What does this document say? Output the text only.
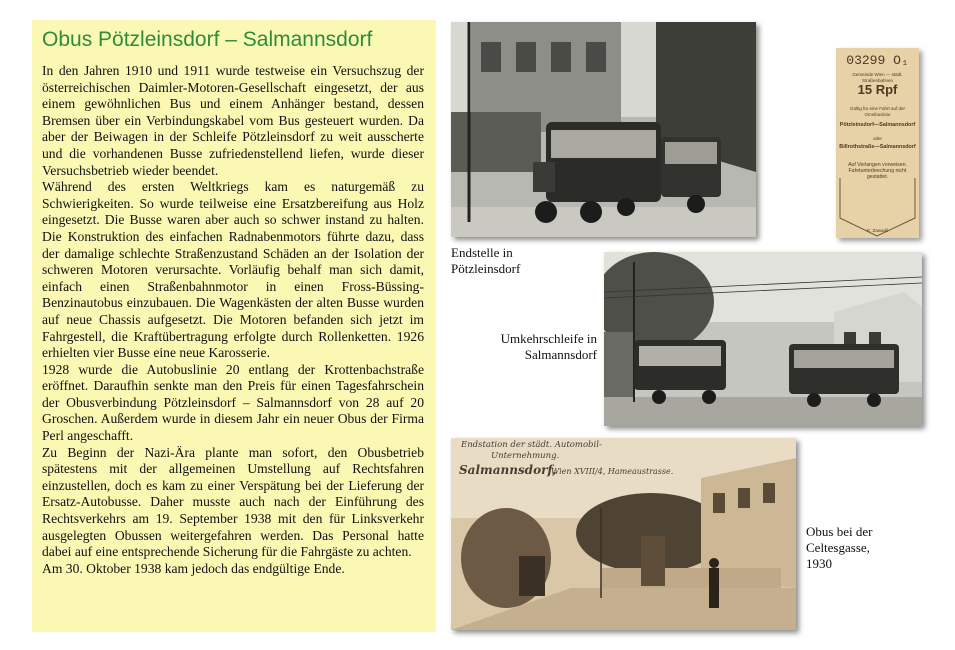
Obus Pötzleinsdorf – Salmannsdorf

In den Jahren 1910 und 1911 wurde testweise ein Versuchszug der österreichischen Daimler-Motoren-Gesellschaft eingesetzt, der aus einem gewöhnlichen Bus und einem Anhänger bestand, dessen Bremsen über ein Verbindungskabel vom Bus gesteuert wurden. Da aber der Beiwagen in der Schleife Pötzleinsdorf zu weit ausscherte und die vorhandenen Busse zufriedenstellend liefen, wurde dieser Versuchsbetrieb wieder beendet.

Während des ersten Weltkriegs kam es naturgemäß zu Schwierigkeiten. So wurde teilweise eine Ersatzbereifung aus Holz eingesetzt. Die Busse waren aber auch so schwer instand zu halten. Die Konstruktion des einfachen Radnabenmotors führte dazu, dass der damalige schlechte Straßenzustand Schäden an der Isolation der schweren Motoren verursachte. Vorläufig behalf man sich damit, einfach einen Straßenbahnmotor in einen Fross-Büssing-Benzinautobus einzubauen. Die Wagenkästen der alten Busse wurden auf neue Chassis aufgesetzt. Die Motoren befanden sich jetzt im Fahrgestell, die Kraftübertragung erfolgte durch Rollenketten. 1926 erhielten vier Busse eine neue Karosserie.

1928 wurde die Autobuslinie 20 entlang der Krottenbachstraße eröffnet. Daraufhin senkte man den Preis für einen Tagesfahrschein der Obusverbindung Pötzleinsdorf – Salmannsdorf von 28 auf 20 Groschen. Außerdem wurde in diesem Jahr ein neuer Obus der Firma Perl angeschafft.

Zu Beginn der Nazi-Ära plante man sofort, den Obusbetrieb spätestens mit der allgemeinen Umstellung auf Rechtsfahren einzustellen, doch es kam zu einer Verspätung bei der Lieferung der Ersatz-Autobusse. Daher musste auch nach der Einführung des Rechtsverkehrs am 19. September 1938 mit den für Linksverkehr ausgelegten Obussen weitergefahren werden. Das Personal hatte dabei auf eine entsprechende Sicherung für die Fahrgäste zu achten.

Am 30. Oktober 1938 kam jedoch das endgültige Ende.

Endstelle in
Pötzleinsdorf
03299 O₁
Gemeinde Wien — städt. Straßenbahnen
15 Rpf
Gültig für eine Fahrt auf der Omnibuslinie
Pötzleinsdorf—Salmannsdorf
oder
Billrothstraße—Salmannsdorf
Auf Verlangen vorweisen. Fahrtunterbrechung nicht gestattet.
E. Zawadil
Umkehrschleife in
Salmannsdorf
Endstation der städt. Automobil-
Unternehmung.
Salmannsdorf,
Wien XVIII/4, Hameaustrasse.
Obus bei der
Celtesgasse,
1930
